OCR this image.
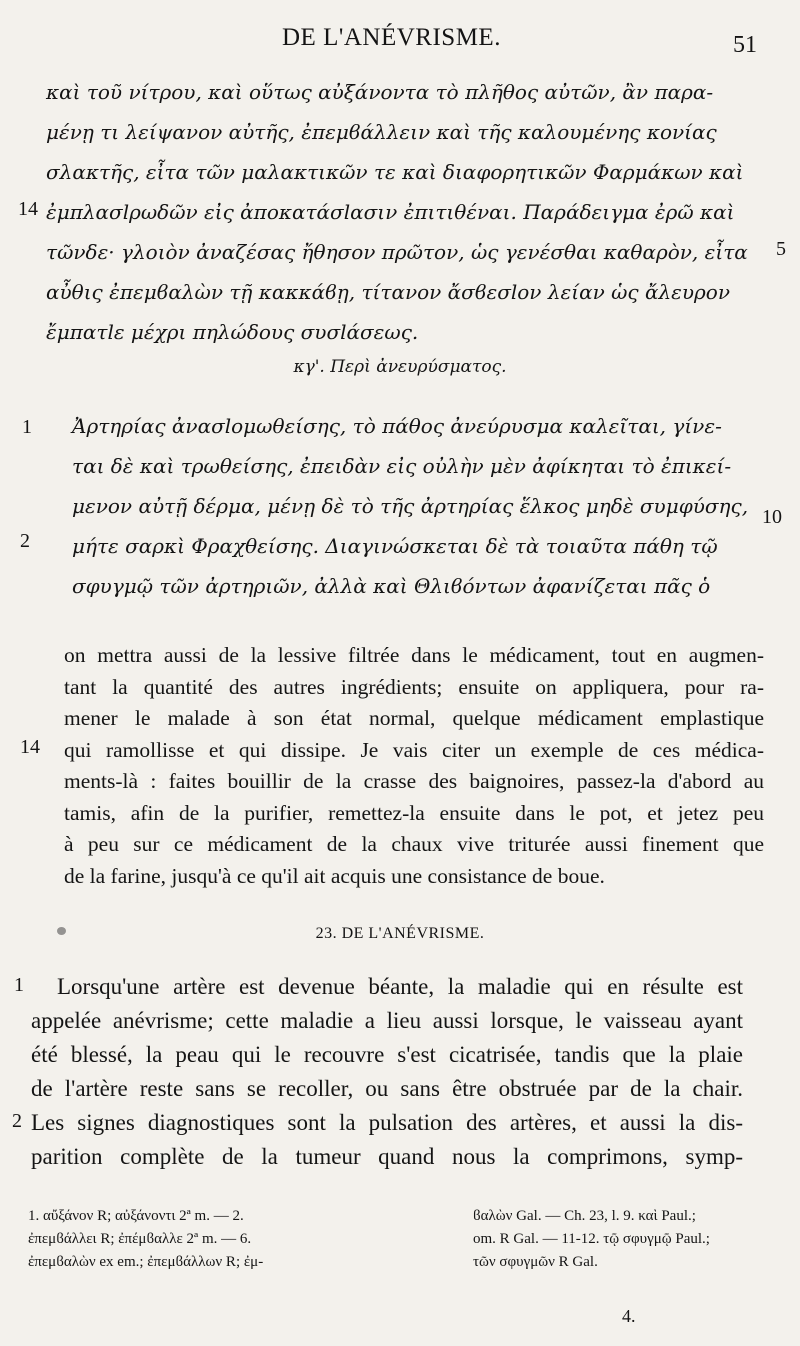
DE L'ANÉVRISME.	51
καὶ τοῦ νίτρου, καὶ οὕτως αὐξάνοντα τὸ πλῆθος αὐτῶν, ἂν παρα-
μένῃ τι λείψανον αὐτῆς, ἐπεμϐάλλειν καὶ τῆς καλουμένης κονίας
σλακτῆς, εἶτα τῶν μαλακτικῶν τε καὶ διαφορητικῶν Φαρμάκων καὶ
ἐμπλασlρωδῶν εἰς ἀποκατάσlασιν ἐπιτιθέναι. Παράδειγμα ἐρῶ καὶ
τῶνδε· γλοιὸν ἀναζέσας ἤθησον πρῶτον, ὡς γενέσθαι καθαρὸν, εἶτα
αὖθις ἐπεμϐαλὼν τῇ κακκάϐῃ, τίτανον ἄσϐεσlον λείαν ὡς ἄλευρον
ἔμπατlε μέχρι πηλώδους συσlάσεως.
14
5
κγ'. Περὶ ἀνευρύσματος.
Ἀρτηρίας ἀνασlομωθείσης, τὸ πάθος ἀνεύρυσμα καλεῖται, γίνε-
ται δὲ καὶ τρωθείσης, ἐπειδὰν εἰς οὐλὴν μὲν ἀφίκηται τὸ ἐπικεί-
μενον αὐτῇ δέρμα, μένῃ δὲ τὸ τῆς ἀρτηρίας ἕλκος μηδὲ συμφύσης,
μήτε σαρκὶ Φραχθείσης. Διαγινώσκεται δὲ τὰ τοιαῦτα πάθη τῷ
σφυγμῷ τῶν ἀρτηριῶν, ἀλλὰ καὶ Θλιϐόντων ἀφανίζεται πᾶς ὁ
1
10
2
on mettra aussi de la lessive filtrée dans le médicament, tout en augmen-
tant la quantité des autres ingrédients; ensuite on appliquera, pour ra-
mener le malade à son état normal, quelque médicament emplastique
qui ramollisse et qui dissipe. Je vais citer un exemple de ces médica-
ments-là : faites bouillir de la crasse des baignoires, passez-la d'abord au
tamis, afin de la purifier, remettez-la ensuite dans le pot, et jetez peu
à peu sur ce médicament de la chaux vive triturée aussi finement que
de la farine, jusqu'à ce qu'il ait acquis une consistance de boue.
14
23. DE L'ANÉVRISME.
Lorsqu'une artère est devenue béante, la maladie qui en résulte est
appelée anévrisme; cette maladie a lieu aussi lorsque, le vaisseau ayant
été blessé, la peau qui le recouvre s'est cicatrisée, tandis que la plaie
de l'artère reste sans se recoller, ou sans être obstruée par de la chair.
Les signes diagnostiques sont la pulsation des artères, et aussi la dis-
parition complète de la tumeur quand nous la comprimons, symp-
1
2
1. αὔξάνον R; αὐξάνοντι 2ª m. — 2.
ἐπεμϐάλλει R; ἐπέμϐαλλε 2ª m. — 6.
ἐπεμϐαλὼν ex em.; ἐπεμϐάλλων R; ἐμ-
ϐαλὼν Gal. — Ch. 23, l. 9. καὶ Paul.;
om. R Gal. — 11-12. τῷ σφυγμῷ Paul.;
τῶν σφυγμῶν R Gal.
4.
